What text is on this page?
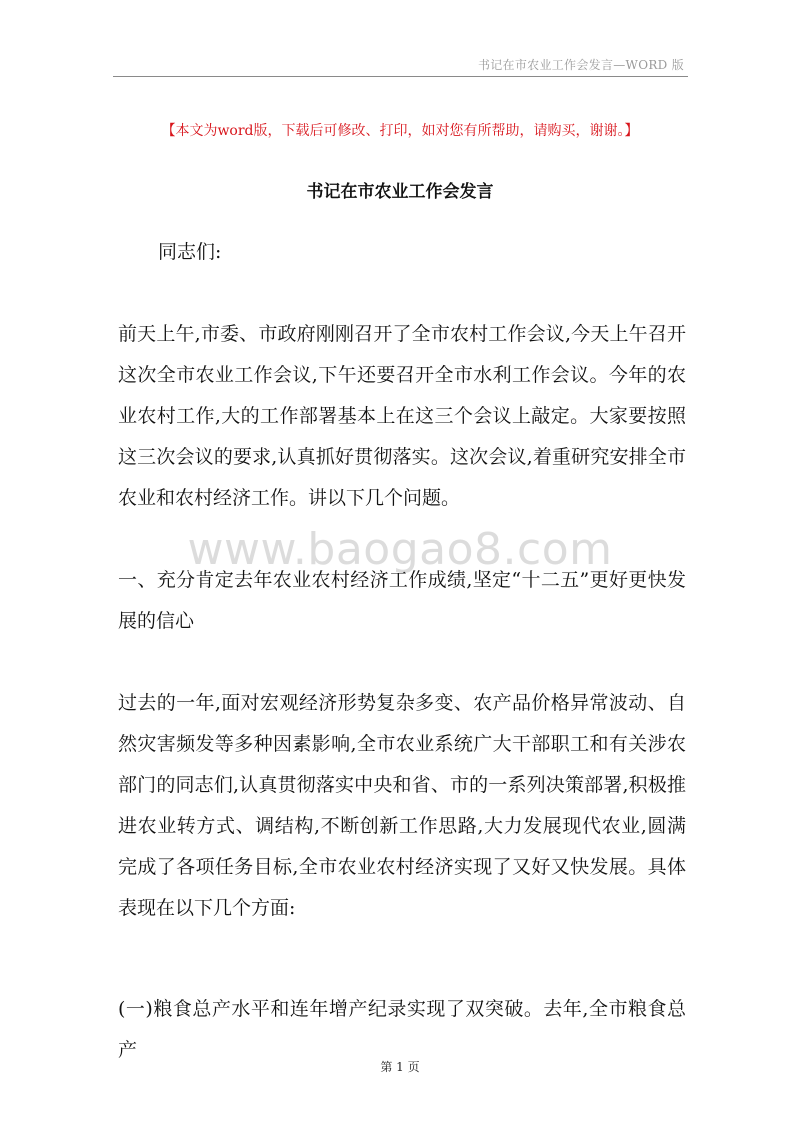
书记在市农业工作会发言—WORD 版
【本文为word版，下载后可修改、打印，如对您有所帮助，请购买，谢谢。】
书记在市农业工作会发言
同志们:
前天上午,市委、市政府刚刚召开了全市农村工作会议,今天上午召开这次全市农业工作会议,下午还要召开全市水利工作会议。今年的农业农村工作,大的工作部署基本上在这三个会议上敲定。大家要按照这三次会议的要求,认真抓好贯彻落实。这次会议,着重研究安排全市农业和农村经济工作。讲以下几个问题。
www.baogao8.com
一、充分肯定去年农业农村经济工作成绩,坚定“十二五”更好更快发展的信心
过去的一年,面对宏观经济形势复杂多变、农产品价格异常波动、自然灾害频发等多种因素影响,全市农业系统广大干部职工和有关涉农部门的同志们,认真贯彻落实中央和省、市的一系列决策部署,积极推进农业转方式、调结构,不断创新工作思路,大力发展现代农业,圆满完成了各项任务目标,全市农业农村经济实现了又好又快发展。具体表现在以下几个方面:
(一)粮食总产水平和连年增产纪录实现了双突破。去年,全市粮食总产
第 1 页
